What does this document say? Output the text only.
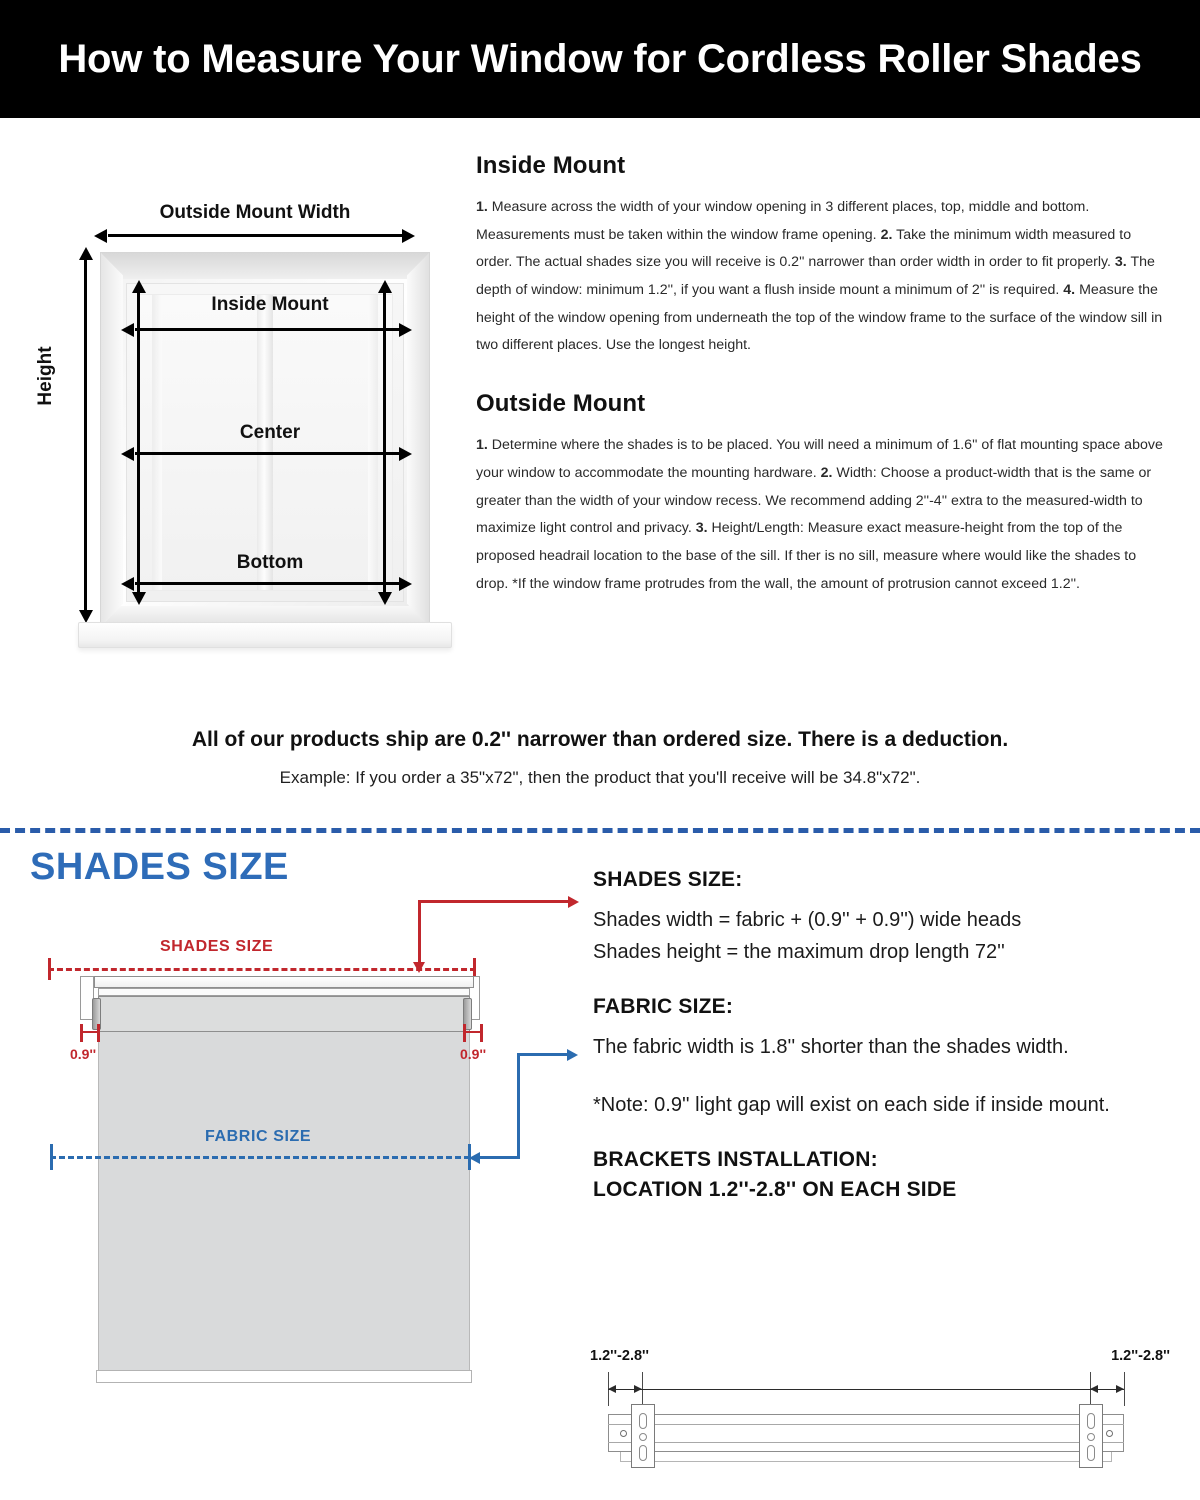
How to Measure Your Window for Cordless Roller Shades
Outside Mount Width
Height
Inside Mount
Center
Bottom
Inside Mount
1. Measure across the width of your window opening in 3 different places, top, middle and bottom. Measurements must be taken within the window frame opening. 2. Take the minimum width measured to order. The actual shades size you will receive is 0.2'' narrower than order width in order to fit properly. 3. The depth of window: minimum 1.2'', if you want a flush inside mount a minimum of 2'' is required. 4. Measure the height of the window opening from underneath the top of the window frame to the surface of the window sill in two different places. Use the longest height.
Outside Mount
1. Determine where the shades is to be placed. You will need a minimum of 1.6'' of flat mounting space above your window to accommodate the mounting hardware. 2. Width: Choose a product-width that is the same or greater than the width of your window recess. We recommend adding 2''-4'' extra to the measured-width to maximize light control and privacy. 3. Height/Length: Measure exact measure-height from the top of the proposed headrail location to the base of the sill. If ther is no sill, measure where would like the shades to drop. *If the window frame protrudes from the wall, the amount of protrusion cannot exceed 1.2''.
All of our products ship are 0.2'' narrower than ordered size. There is a deduction.
Example: If you order a 35"x72", then the product that you'll receive will be 34.8"x72".
SHADES SIZE
SHADES SIZE
0.9''	0.9''
FABRIC SIZE
SHADES SIZE:
Shades width = fabric + (0.9'' + 0.9'') wide heads
Shades height = the maximum drop length 72''
FABRIC SIZE:
The fabric width is 1.8'' shorter than the shades width.
*Note: 0.9'' light gap will exist on each side if inside mount.
BRACKETS INSTALLATION:
LOCATION 1.2''-2.8'' ON EACH SIDE
1.2''-2.8''	1.2''-2.8''
